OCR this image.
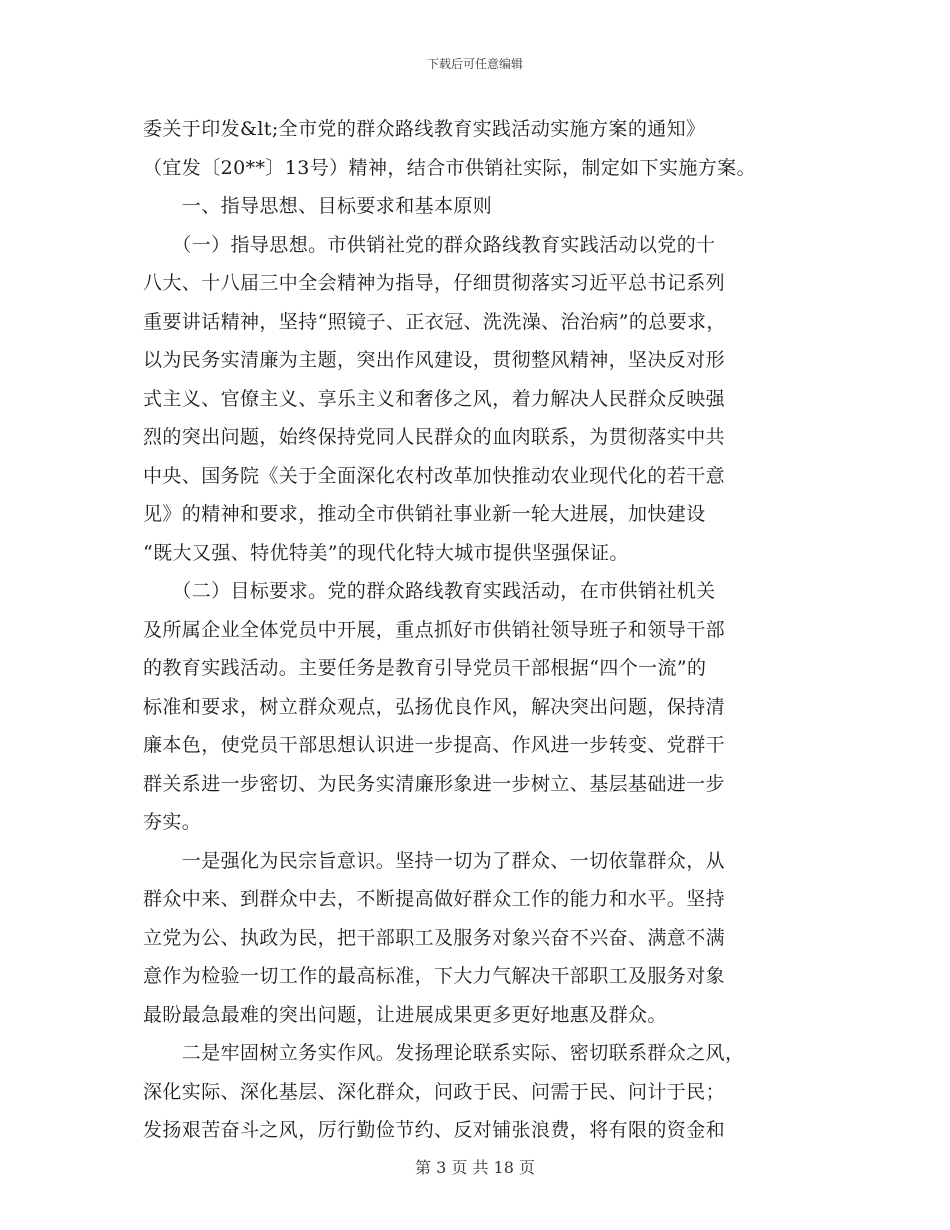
下载后可任意编辑
委关于印发&lt;全市党的群众路线教育实践活动实施方案的通知》
（宜发〔20**〕13号）精神，结合市供销社实际，制定如下实施方案。
　　一、指导思想、目标要求和基本原则
　　（一）指导思想。市供销社党的群众路线教育实践活动以党的十
八大、十八届三中全会精神为指导，仔细贯彻落实习近平总书记系列
重要讲话精神，坚持“照镜子、正衣冠、洗洗澡、治治病”的总要求，
以为民务实清廉为主题，突出作风建设，贯彻整风精神，坚决反对形
式主义、官僚主义、享乐主义和奢侈之风，着力解决人民群众反映强
烈的突出问题，始终保持党同人民群众的血肉联系，为贯彻落实中共
中央、国务院《关于全面深化农村改革加快推动农业现代化的若干意
见》的精神和要求，推动全市供销社事业新一轮大进展，加快建设
“既大又强、特优特美”的现代化特大城市提供坚强保证。
　　（二）目标要求。党的群众路线教育实践活动，在市供销社机关
及所属企业全体党员中开展，重点抓好市供销社领导班子和领导干部
的教育实践活动。主要任务是教育引导党员干部根据“四个一流”的
标准和要求，树立群众观点，弘扬优良作风，解决突出问题，保持清
廉本色，使党员干部思想认识进一步提高、作风进一步转变、党群干
群关系进一步密切、为民务实清廉形象进一步树立、基层基础进一步
夯实。
　　一是强化为民宗旨意识。坚持一切为了群众、一切依靠群众，从
群众中来、到群众中去，不断提高做好群众工作的能力和水平。坚持
立党为公、执政为民，把干部职工及服务对象兴奋不兴奋、满意不满
意作为检验一切工作的最高标准，下大力气解决干部职工及服务对象
最盼最急最难的突出问题，让进展成果更多更好地惠及群众。
　　二是牢固树立务实作风。发扬理论联系实际、密切联系群众之风，
深化实际、深化基层、深化群众，问政于民、问需于民、问计于民；
发扬艰苦奋斗之风，厉行勤俭节约、反对铺张浪费，将有限的资金和
第 3 页 共 18 页
